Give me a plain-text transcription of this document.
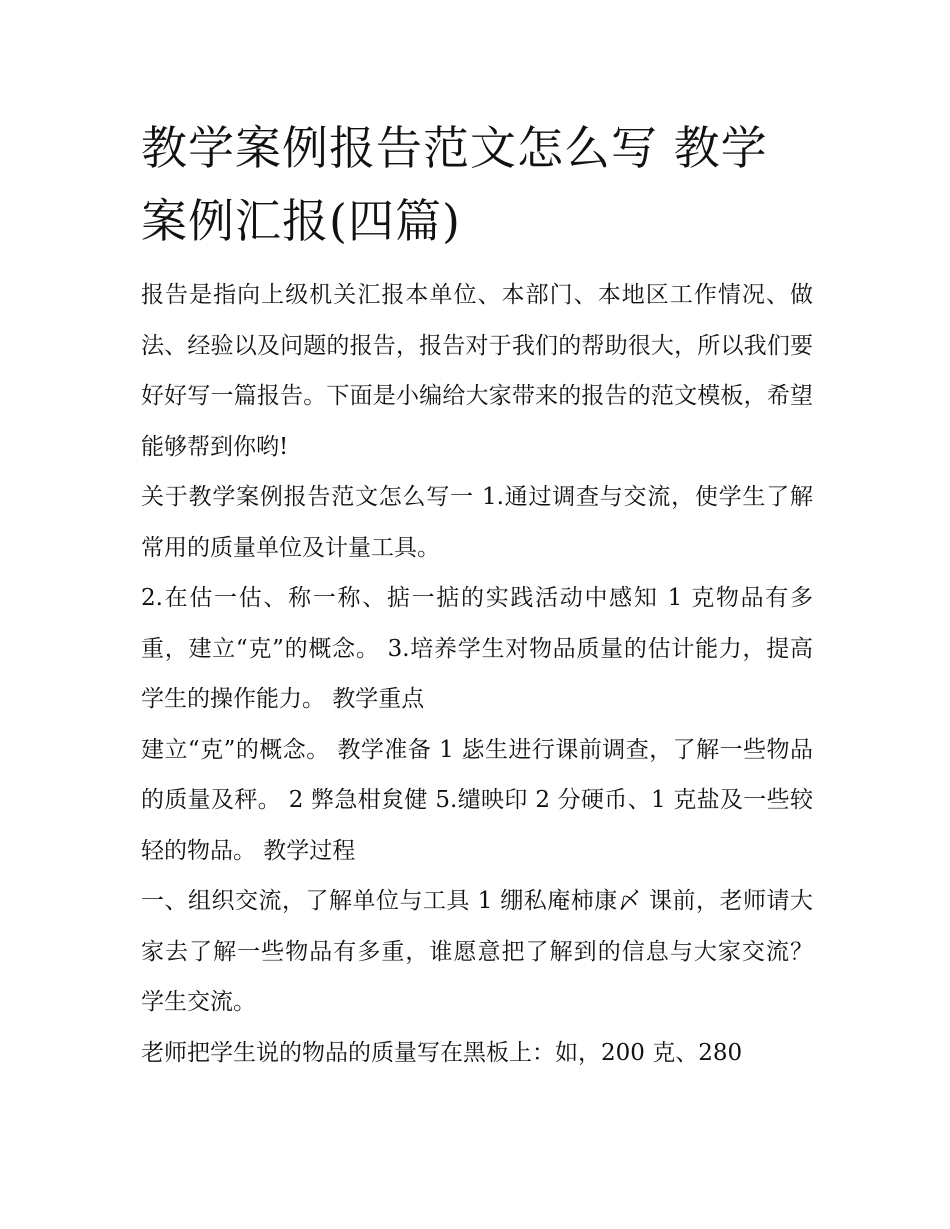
教学案例报告范文怎么写 教学案例汇报(四篇)

报告是指向上级机关汇报本单位、本部门、本地区工作情况、做法、经验以及问题的报告，报告对于我们的帮助很大，所以我们要好好写一篇报告。下面是小编给大家带来的报告的范文模板，希望能够帮到你哟!

关于教学案例报告范文怎么写一 1.通过调查与交流，使学生了解常用的质量单位及计量工具。

2.在估一估、称一称、掂一掂的实践活动中感知 1 克物品有多重，建立“克”的概念。 3.培养学生对物品质量的估计能力，提高学生的操作能力。 教学重点

建立“克”的概念。 教学准备 1 毖生进行课前调查，了解一些物品的质量及秤。 2 弊急柑炱健 5.缱映印 2 分硬币、1 克盐及一些较轻的物品。 教学过程

一、组织交流，了解单位与工具 1 绷私庵柿康〆 课前，老师请大家去了解一些物品有多重，谁愿意把了解到的信息与大家交流？ 学生交流。

老师把学生说的物品的质量写在黑板上：如，200 克、280
